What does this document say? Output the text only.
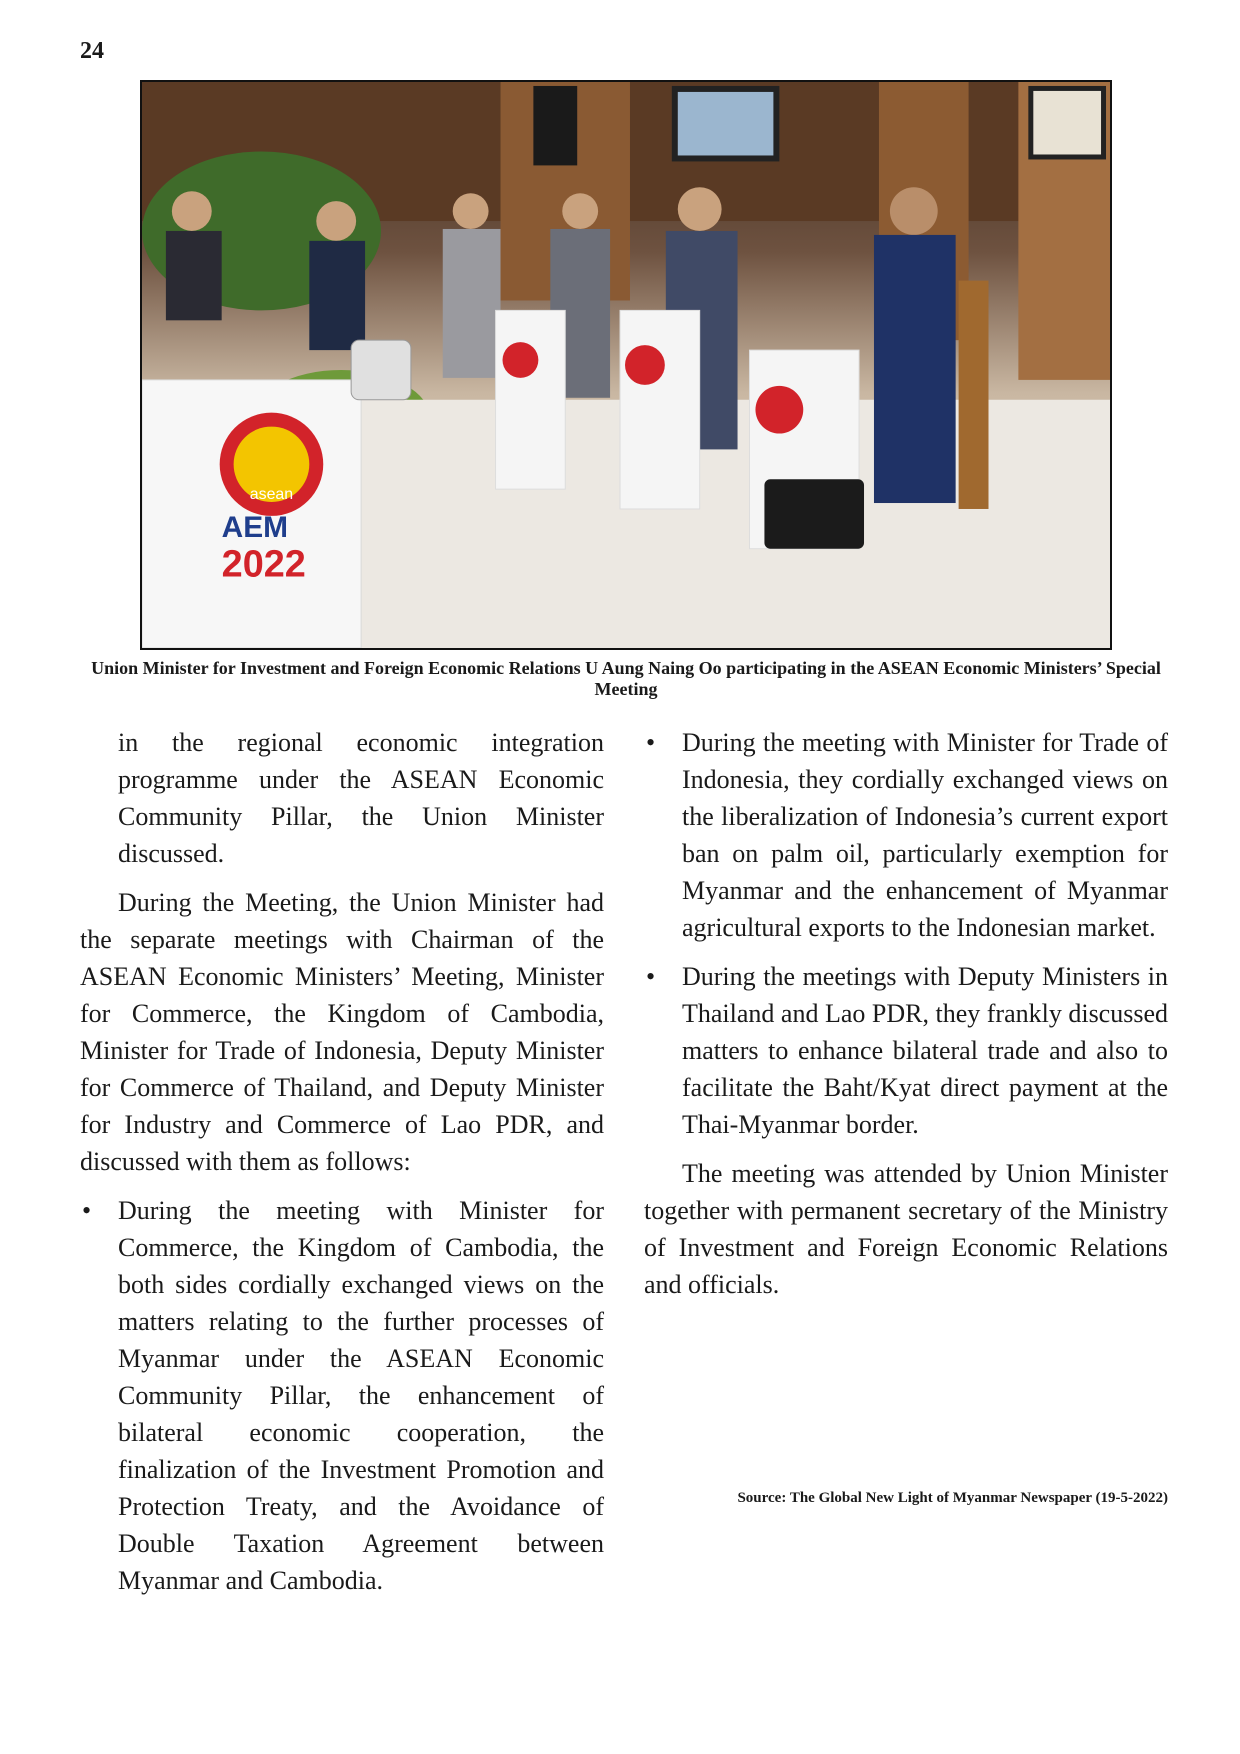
24
asean
AEM
2022
Union Minister for Investment and Foreign Economic Relations U Aung Naing Oo participating in the ASEAN Economic Ministers’ Special Meeting

in the regional economic integration programme under the ASEAN Economic Community Pillar, the Union Minister discussed.

During the Meeting, the Union Minister had the separate meetings with Chairman of the ASEAN Economic Ministers’ Meeting, Minister for Commerce, the Kingdom of Cambodia, Minister for Trade of Indonesia, Deputy Minister for Commerce of Thailand, and Deputy Minister for Industry and Commerce of Lao PDR, and discussed with them as follows:

• During the meeting with Minister for Commerce, the Kingdom of Cambodia, the both sides cordially exchanged views on the matters relating to the further processes of Myanmar under the ASEAN Economic Community Pillar, the enhancement of bilateral economic cooperation, the finalization of the Investment Promotion and Protection Treaty, and the Avoidance of Double Taxation Agreement between Myanmar and Cambodia.
• During the meeting with Minister for Trade of Indonesia, they cordially exchanged views on the liberalization of Indonesia’s current export ban on palm oil, particularly exemption for Myanmar and the enhancement of Myanmar agricultural exports to the Indonesian market.
• During the meetings with Deputy Ministers in Thailand and Lao PDR, they frankly discussed matters to enhance bilateral trade and also to facilitate the Baht/Kyat direct payment at the Thai-Myanmar border.

The meeting was attended by Union Minister together with permanent secretary of the Ministry of Investment and Foreign Economic Relations and officials.

Source: The Global New Light of Myanmar Newspaper (19-5-2022)
